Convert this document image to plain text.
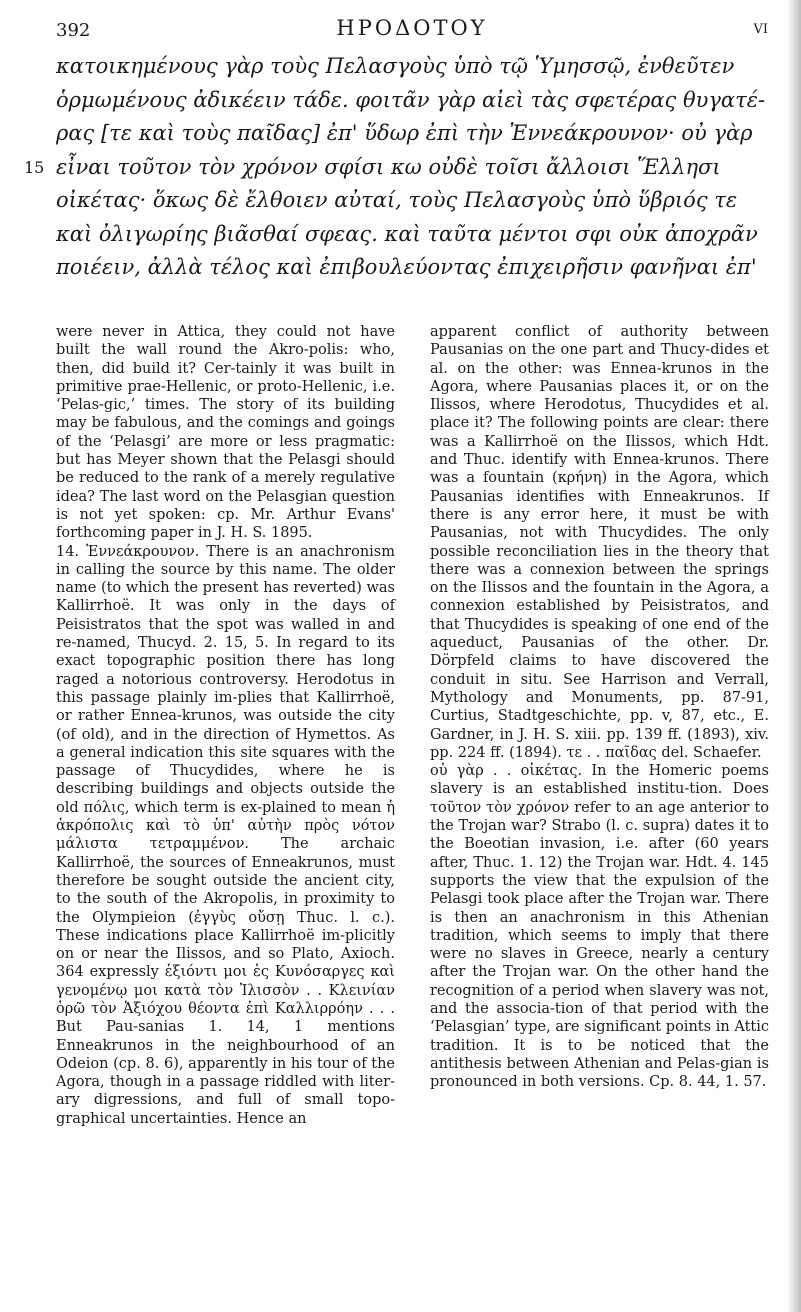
392	HPOΔOTOY	VI
κατοικημένους γὰρ τοὺς Πελασγοὺς ὑπὸ τῷ Ὑμησσῷ, ἐνθεῦτεν
ὁρμωμένους ἀδικέειν τάδε. φοιτᾶν γὰρ αἰεὶ τὰς σφετέρας θυγατέ-
ρας [τε καὶ τοὺς παῖδας] ἐπ' ὕδωρ ἐπὶ τὴν Ἐννεάκρουνον· οὐ γὰρ
15 εἶναι τοῦτον τὸν χρόνον σφίσι κω οὐδὲ τοῖσι ἄλλοισι Ἕλλησι
οἰκέτας· ὅκως δὲ ἔλθοιεν αὐταί, τοὺς Πελασγοὺς ὑπὸ ὕβριός τε
καὶ ὀλιγωρίης βιᾶσθαί σφεας. καὶ ταῦτα μέντοι σφι οὐκ ἀποχρᾶν
ποιέειν, ἀλλὰ τέλος καὶ ἐπιβουλεύοντας ἐπιχειρῆσιν φανῆναι ἐπ'

were never in Attica, they could not have built the wall round the Akro-polis: who, then, did build it? Cer-tainly it was built in primitive prae-Hellenic, or proto-Hellenic, i.e. ‘Pelas-gic,’ times. The story of its building may be fabulous, and the comings and goings of the ‘Pelasgi’ are more or less pragmatic: but has Meyer shown that the Pelasgi should be reduced to the rank of a merely regulative idea? The last word on the Pelasgian question is not yet spoken: cp. Mr. Arthur Evans' forthcoming paper in J. H. S. 1895.

14. Ἐννεάκρουνον. There is an anachronism in calling the source by this name. The older name (to which the present has reverted) was Kallirrhoë. It was only in the days of Peisistratos that the spot was walled in and re-named, Thucyd. 2. 15, 5. In regard to its exact topographic position there has long raged a notorious controversy. Herodotus in this passage plainly im-plies that Kallirrhoë, or rather Ennea-krunos, was outside the city (of old), and in the direction of Hymettos. As a general indication this site squares with the passage of Thucydides, where he is describing buildings and objects outside the old πόλις, which term is ex-plained to mean ἡ ἀκρόπολις καὶ τὸ ὑπ' αὐτὴν πρὸς νότον μάλιστα τετραμμένον. The archaic Kallirrhoë, the sources of Enneakrunos, must therefore be sought outside the ancient city, to the south of the Akropolis, in proximity to the Olympieion (ἐγγὺς οὔσῃ Thuc. l. c.). These indications place Kallirrhoë im-plicitly on or near the Ilissos, and so Plato, Axioch. 364 expressly ἐξιόντι μοι ἐς Κυνόσαργες καὶ γενομένῳ μοι κατὰ τὸν Ἰλισσὸν . . Κλεινίαν ὁρῶ τὸν Ἀξιόχου θέοντα ἐπὶ Καλλιρρόην . . . But Pau-sanias 1. 14, 1 mentions Enneakrunos in the neighbourhood of an Odeion (cp. 8. 6), apparently in his tour of the Agora, though in a passage riddled with liter-ary digressions, and full of small topo-graphical uncertainties. Hence an

apparent conflict of authority between Pausanias on the one part and Thucy-dides et al. on the other: was Ennea-krunos in the Agora, where Pausanias places it, or on the Ilissos, where Herodotus, Thucydides et al. place it? The following points are clear: there was a Kallirrhoë on the Ilissos, which Hdt. and Thuc. identify with Ennea-krunos. There was a fountain (κρήνη) in the Agora, which Pausanias identifies with Enneakrunos. If there is any error here, it must be with Pausanias, not with Thucydides. The only possible reconciliation lies in the theory that there was a connexion between the springs on the Ilissos and the fountain in the Agora, a connexion established by Peisistratos, and that Thucydides is speaking of one end of the aqueduct, Pausanias of the other. Dr. Dörpfeld claims to have discovered the conduit in situ. See Harrison and Verrall, Mythology and Monuments, pp. 87-91, Curtius, Stadtgeschichte, pp. v, 87, etc., E. Gardner, in J. H. S. xiii. pp. 139 ff. (1893), xiv. pp. 224 ff. (1894). τε . . παῖδας del. Schaefer.

οὐ γὰρ . . οἰκέτας. In the Homeric poems slavery is an established institu-tion. Does τοῦτον τὸν χρόνον refer to an age anterior to the Trojan war? Strabo (l. c. supra) dates it to the Boeotian invasion, i.e. after (60 years after, Thuc. 1. 12) the Trojan war. Hdt. 4. 145 supports the view that the expulsion of the Pelasgi took place after the Trojan war. There is then an anachronism in this Athenian tradition, which seems to imply that there were no slaves in Greece, nearly a century after the Trojan war. On the other hand the recognition of a period when slavery was not, and the associa-tion of that period with the ‘Pelasgian’ type, are significant points in Attic tradition. It is to be noticed that the antithesis between Athenian and Pelas-gian is pronounced in both versions. Cp. 8. 44, 1. 57.
